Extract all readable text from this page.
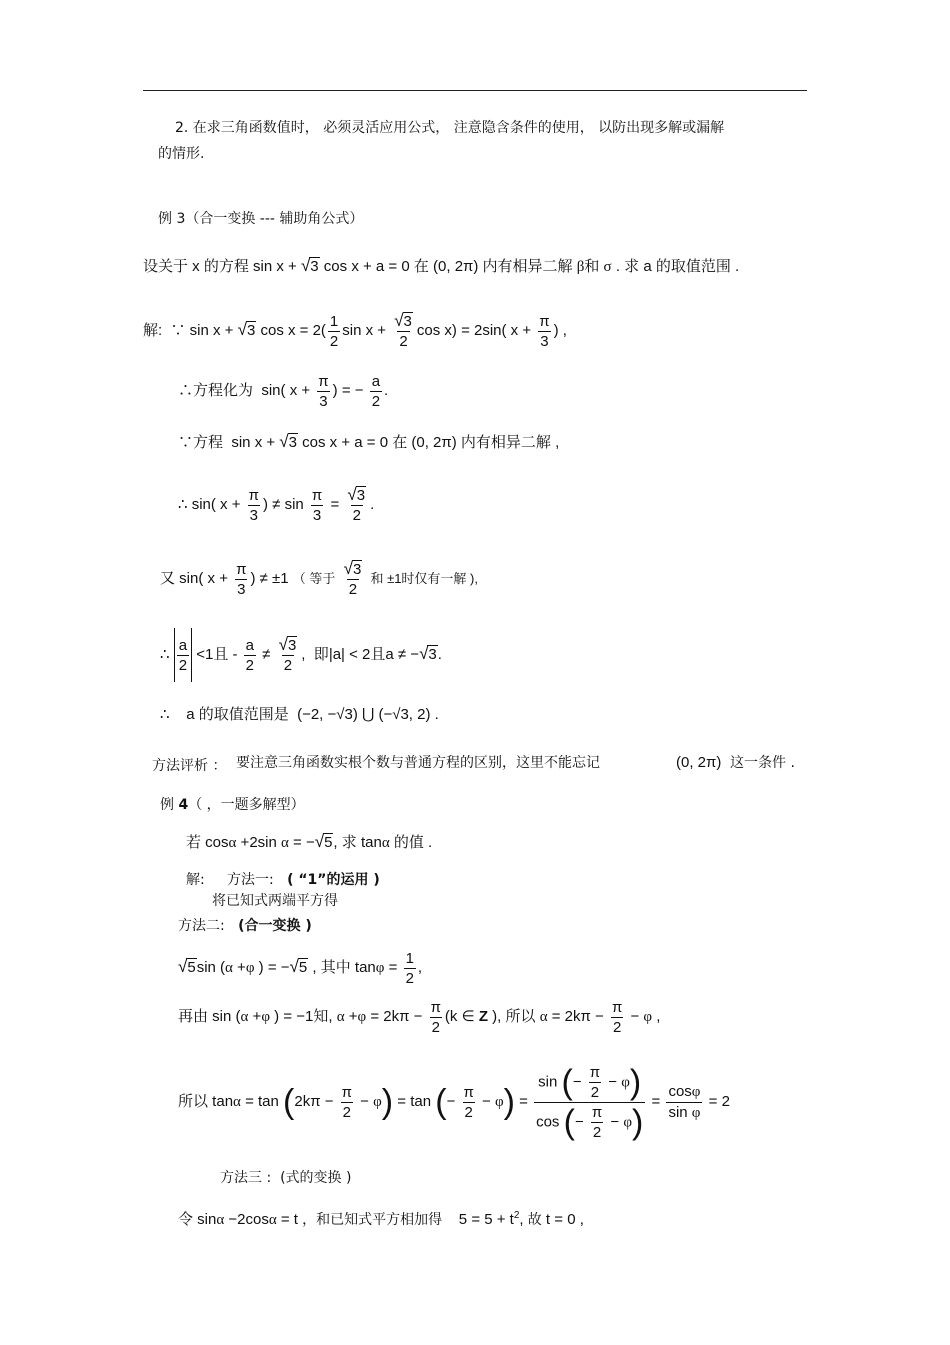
2. 在求三角函数值时， 必须灵活应用公式， 注意隐含条件的使用， 以防出现多解或漏解
的情形.
例 3（合一变换 --- 辅助角公式）
设关于 x 的方程 sin x + √3 cos x + a = 0 在 (0, 2π) 内有相异二解 β和 σ . 求 a 的取值范围 .
解:  ∵ sin x + √3 $\cos x = 2( \frac{1}{2}$ $\sin x + \frac{√3}{2}$ cos x) = 2sin( $x + \frac{\pi}{3}$ ) ,
∴方程化为  sin( $x + \frac{\pi}{3}$ ) = − $\frac{a}{2}$ .
∵方程  sin x + √3 cos x + a = 0 在 (0, 2π) 内有相异二解 ,
∴ sin( $x + \frac{\pi}{3}$ ) ≠ $\sin \frac{\pi}{3} = \frac{√3}{2}$ .
又 sin( $x + \frac{\pi}{3}$ ) ≠ ±1 （ 等于 $\frac{√3}{2}$ 和 ±1时仅有一解 ),
∴ $\frac{a}{2} <1$且 - $\frac{a}{2} \ne \frac{√3}{2}$ ,  即|a| < 2且a ≠ −√3.
∴    a 的取值范围是 (−2, −√3) ⋃ (−√3, 2) .
方法评析 ： 要注意三角函数实根个数与普通方程的区别，这里不能忘记	(0, 2π) 这一条件 .
例 4（ ，一题多解型）
若 cosα +2sin α = −√5, 求 tanα 的值 .
解: 方法一: ( “1”的运用 )
将已知式两端平方得
方法二: (合一变换 )
√5sin (α +φ ) = −√5 , 其中 $\tan\varphi = \frac{1}{2}$ ,
再由 sin (α +φ ) = −1知, $\alpha +\varphi = 2k\pi - \frac{\pi}{2} (k$ ∈ Z ), 所以 $\alpha = 2k\pi - \frac{\pi}{2} - \varphi$ ,
所以 $\tan\alpha = \tan (2k\pi - \frac{\pi}{2} - \varphi) = \tan$ (− $\frac{\pi}{2} - \varphi) = \frac{\sin (- \frac{\pi}{2} - \varphi)}{\cos (- \frac{\pi}{2} - \varphi)} = \frac{\cos\varphi}{\text{sin φ}} = 2$
方法三 : (式的变换 )
令 sinα −2cosα = t ，和已知式平方相加得    $5 = 5 + t^2$, 故 t = 0 ,
